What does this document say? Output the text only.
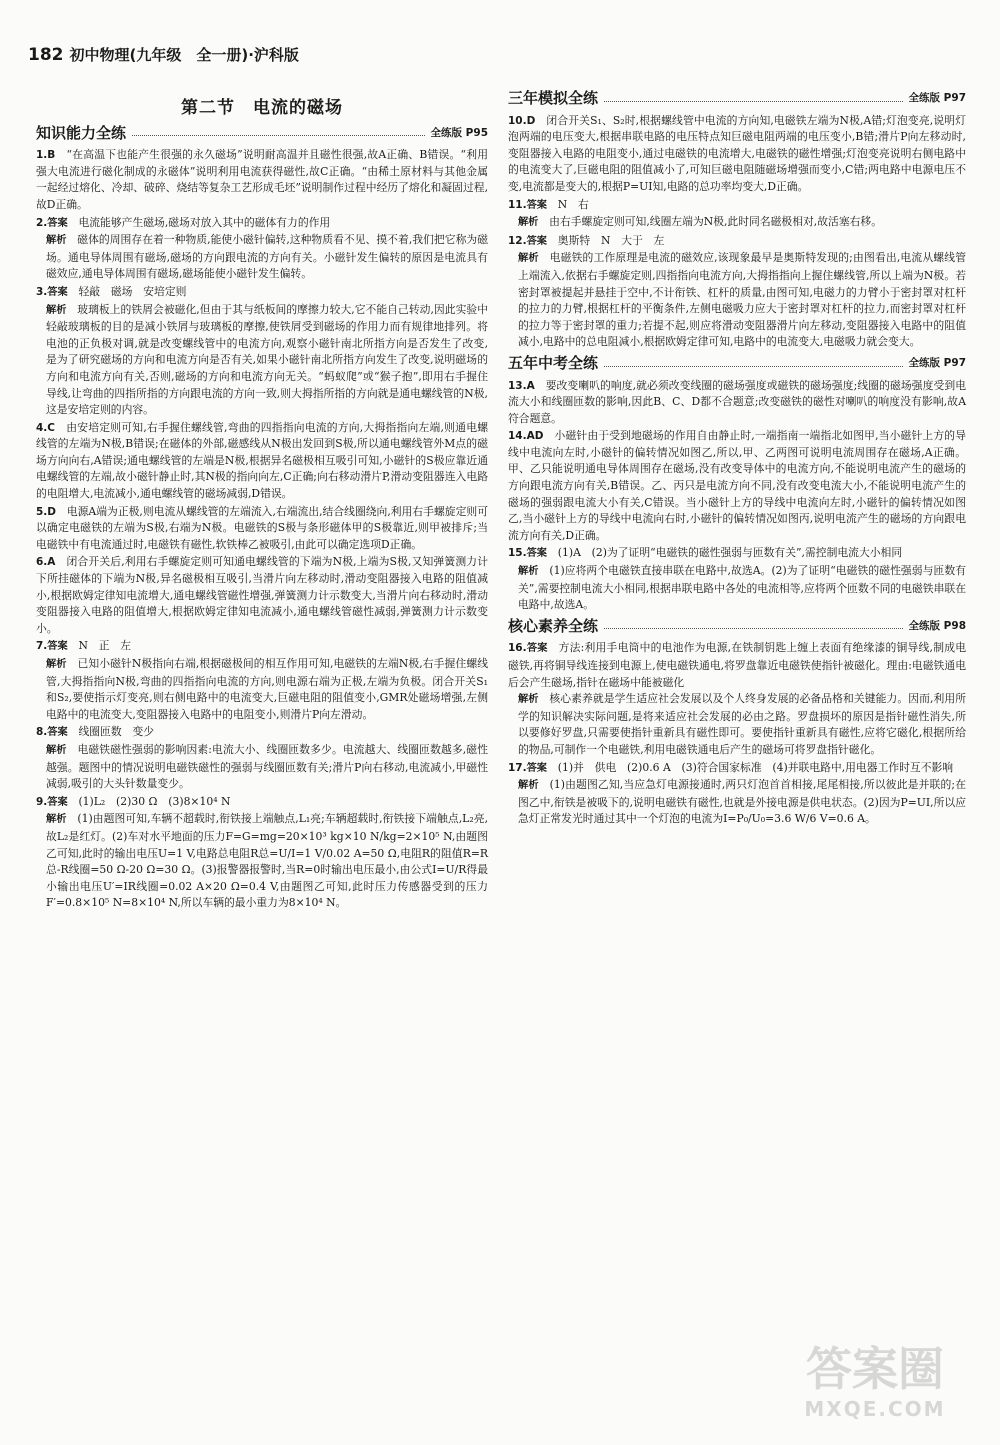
182 初中物理(九年级　全一册)·沪科版
第二节　电流的磁场
知识能力全练	全练版 P95

1.B　 “在高温下也能产生很强的永久磁场”说明耐高温并且磁性很强,故A正确、B错误。“利用强大电流进行磁化制成的永磁体”说明利用电流获得磁性,故C正确。“由稀土原材料与其他金属一起经过熔化、冷却、破碎、烧结等复杂工艺形成毛坯”说明制作过程中经历了熔化和凝固过程,故D正确。

2.答案　 电流能够产生磁场,磁场对放入其中的磁体有力的作用

解析　 磁体的周围存在着一种物质,能使小磁针偏转,这种物质看不见、摸不着,我们把它称为磁场。通电导体周围有磁场,磁场的方向跟电流的方向有关。小磁针发生偏转的原因是电流具有磁效应,通电导体周围有磁场,磁场能使小磁针发生偏转。

3.答案　 轻敲　磁场　安培定则

解析　 玻璃板上的铁屑会被磁化,但由于其与纸板间的摩擦力较大,它不能自己转动,因此实验中轻敲玻璃板的目的是减小铁屑与玻璃板的摩擦,使铁屑受到磁场的作用力而有规律地排列。将电池的正负极对调,就是改变螺线管中的电流方向,观察小磁针南北所指方向是否发生了改变,是为了研究磁场的方向和电流方向是否有关,如果小磁针南北所指方向发生了改变,说明磁场的方向和电流方向有关,否则,磁场的方向和电流方向无关。“蚂蚁爬”或“猴子抱”,即用右手握住导线,让弯曲的四指所指的方向跟电流的方向一致,则大拇指所指的方向就是通电螺线管的N极,这是安培定则的内容。

4.C　 由安培定则可知,右手握住螺线管,弯曲的四指指向电流的方向,大拇指指向左端,则通电螺线管的左端为N极,B错误;在磁体的外部,磁感线从N极出发回到S极,所以通电螺线管外M点的磁场方向向右,A错误;通电螺线管的左端是N极,根据异名磁极相互吸引可知,小磁针的S极应靠近通电螺线管的左端,故小磁针静止时,其N极的指向向左,C正确;向右移动滑片P,滑动变阻器连入电路的电阻增大,电流减小,通电螺线管的磁场减弱,D错误。

5.D　 电源A端为正极,则电流从螺线管的左端流入,右端流出,结合线圈绕向,利用右手螺旋定则可以确定电磁铁的左端为S极,右端为N极。电磁铁的S极与条形磁体甲的S极靠近,则甲被排斥;当电磁铁中有电流通过时,电磁铁有磁性,软铁棒乙被吸引,由此可以确定选项D正确。

6.A　 闭合开关后,利用右手螺旋定则可知通电螺线管的下端为N极,上端为S极,又知弹簧测力计下所挂磁体的下端为N极,异名磁极相互吸引,当滑片向左移动时,滑动变阻器接入电路的阻值减小,根据欧姆定律知电流增大,通电螺线管磁性增强,弹簧测力计示数变大,当滑片向右移动时,滑动变阻器接入电路的阻值增大,根据欧姆定律知电流减小,通电螺线管磁性减弱,弹簧测力计示数变小。

7.答案　 N　正　左

解析　 已知小磁针N极指向右端,根据磁极间的相互作用可知,电磁铁的左端N极,右手握住螺线管,大拇指指向N极,弯曲的四指指向电流的方向,则电源右端为正极,左端为负极。闭合开关S₁和S₂,要使指示灯变亮,则右侧电路中的电流变大,巨磁电阻的阻值变小,GMR处磁场增强,左侧电路中的电流变大,变阻器接入电路中的电阻变小,则滑片P向左滑动。

8.答案　 线圈匝数　变少

解析　 电磁铁磁性强弱的影响因素:电流大小、线圈匝数多少。电流越大、线圈匝数越多,磁性越强。题图中的情况说明电磁铁磁性的强弱与线圈匝数有关;滑片P向右移动,电流减小,甲磁性减弱,吸引的大头针数量变少。

9.答案　 (1)L₂　(2)30 Ω　(3)8×10⁴ N

解析　 (1)由题图可知,车辆不超载时,衔铁接上端触点,L₁亮;车辆超载时,衔铁接下端触点,L₂亮,故L₂是红灯。(2)车对水平地面的压力F=G=mg=20×10³ kg×10 N/kg=2×10⁵ N,由题图乙可知,此时的输出电压U=1 V,电路总电阻R总=U/I=1 V/0.02 A=50 Ω,电阻R的阻值R=R总-R线圈=50 Ω-20 Ω=30 Ω。(3)报警器报警时,当R=0时输出电压最小,由公式I=U/R得最小输出电压U′=IR线圈=0.02 A×20 Ω=0.4 V,由题图乙可知,此时压力传感器受到的压力F′=0.8×10⁵ N=8×10⁴ N,所以车辆的最小重力为8×10⁴ N。

三年模拟全练	全练版 P97

10.D　 闭合开关S₁、S₂时,根据螺线管中电流的方向知,电磁铁左端为N极,A错;灯泡变亮,说明灯泡两端的电压变大,根据串联电路的电压特点知巨磁电阻两端的电压变小,B错;滑片P向左移动时,变阻器接入电路的电阻变小,通过电磁铁的电流增大,电磁铁的磁性增强;灯泡变亮说明右侧电路中的电流变大了,巨磁电阻的阻值减小了,可知巨磁电阻随磁场增强而变小,C错;两电路中电源电压不变,电流都是变大的,根据P=UI知,电路的总功率均变大,D正确。

11.答案　 N　右

解析　 由右手螺旋定则可知,线圈左端为N极,此时同名磁极相对,故活塞右移。

12.答案　 奥斯特　N　大于　左

解析　 电磁铁的工作原理是电流的磁效应,该现象最早是奥斯特发现的;由图看出,电流从螺线管上端流入,依据右手螺旋定则,四指指向电流方向,大拇指指向上握住螺线管,所以上端为N极。若密封罩被提起并悬挂于空中,不计衔铁、杠杆的质量,由图可知,电磁力的力臂小于密封罩对杠杆的拉力的力臂,根据杠杆的平衡条件,左侧电磁吸力应大于密封罩对杠杆的拉力,而密封罩对杠杆的拉力等于密封罩的重力;若提不起,则应将滑动变阻器滑片向左移动,变阻器接入电路中的阻值减小,电路中的总电阻减小,根据欧姆定律可知,电路中的电流变大,电磁吸力就会变大。

五年中考全练	全练版 P97

13.A　 要改变喇叭的响度,就必须改变线圈的磁场强度或磁铁的磁场强度;线圈的磁场强度受到电流大小和线圈匝数的影响,因此B、C、D都不合题意;改变磁铁的磁性对喇叭的响度没有影响,故A符合题意。

14.AD　 小磁针由于受到地磁场的作用自由静止时,一端指南一端指北如图甲,当小磁针上方的导线中电流向左时,小磁针的偏转情况如图乙,所以,甲、乙两图可说明电流周围存在磁场,A正确。甲、乙只能说明通电导体周围存在磁场,没有改变导体中的电流方向,不能说明电流产生的磁场的方向跟电流方向有关,B错误。乙、丙只是电流方向不同,没有改变电流大小,不能说明电流产生的磁场的强弱跟电流大小有关,C错误。当小磁针上方的导线中电流向左时,小磁针的偏转情况如图乙,当小磁针上方的导线中电流向右时,小磁针的偏转情况如图丙,说明电流产生的磁场的方向跟电流方向有关,D正确。

15.答案　 (1)A　(2)为了证明“电磁铁的磁性强弱与匝数有关”,需控制电流大小相同

解析　 (1)应将两个电磁铁直接串联在电路中,故选A。(2)为了证明“电磁铁的磁性强弱与匝数有关”,需要控制电流大小相同,根据串联电路中各处的电流相等,应将两个匝数不同的电磁铁串联在电路中,故选A。

核心素养全练	全练版 P98

16.答案　 方法:利用手电筒中的电池作为电源,在铁制钥匙上缠上表面有绝缘漆的铜导线,制成电磁铁,再将铜导线连接到电源上,使电磁铁通电,将罗盘靠近电磁铁使指针被磁化。理由:电磁铁通电后会产生磁场,指针在磁场中能被磁化

解析　 核心素养就是学生适应社会发展以及个人终身发展的必备品格和关键能力。因而,利用所学的知识解决实际问题,是将来适应社会发展的必由之路。罗盘损坏的原因是指针磁性消失,所以要修好罗盘,只需要使指针重新具有磁性即可。要使指针重新具有磁性,应将它磁化,根据所给的物品,可制作一个电磁铁,利用电磁铁通电后产生的磁场可将罗盘指针磁化。

17.答案　 (1)并　供电　(2)0.6 A　(3)符合国家标准　(4)并联电路中,用电器工作时互不影响

解析　 (1)由题图乙知,当应急灯电源接通时,两只灯泡首首相接,尾尾相接,所以彼此是并联的;在图乙中,衔铁是被吸下的,说明电磁铁有磁性,也就是外接电源是供电状态。(2)因为P=UI,所以应急灯正常发光时通过其中一个灯泡的电流为I=P₀/U₀=3.6 W/6 V=0.6 A。

答案圈
MXQE.COM
